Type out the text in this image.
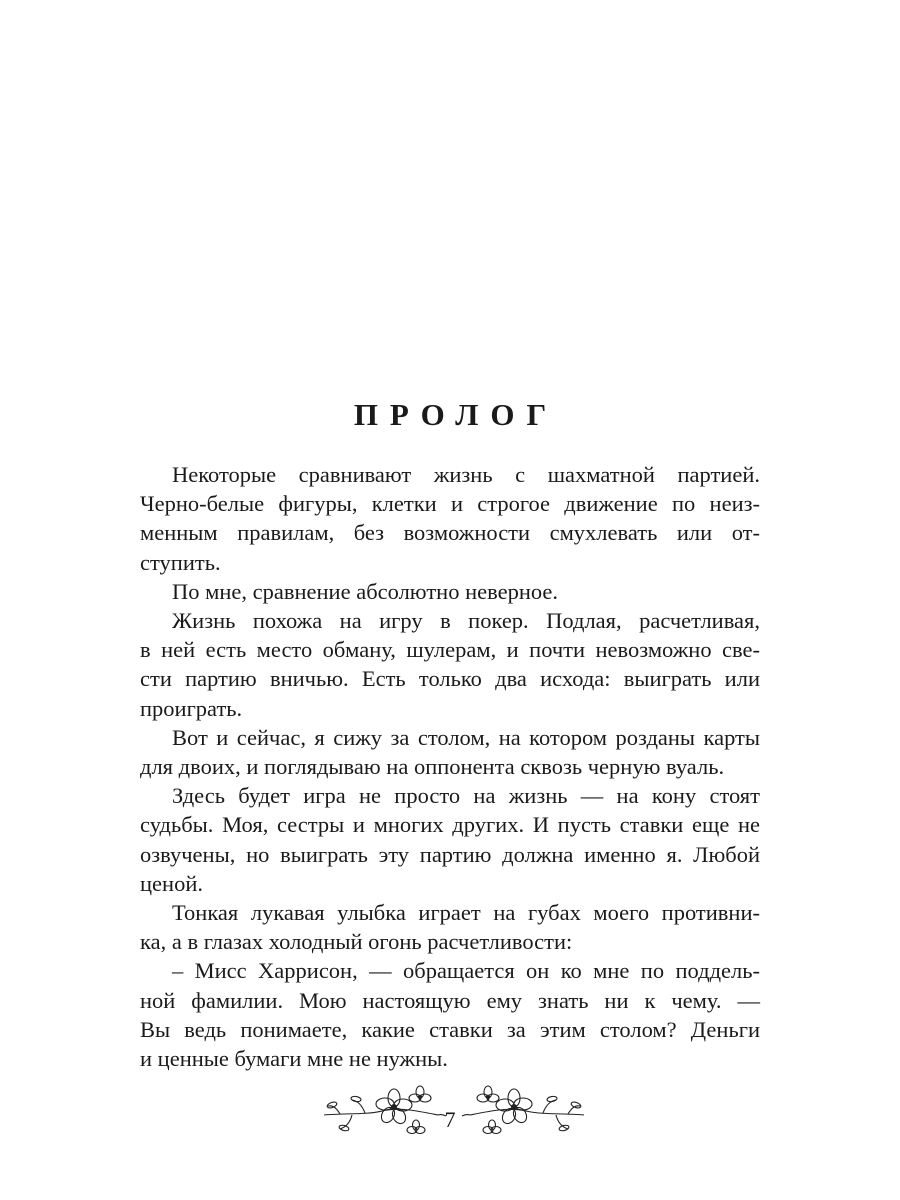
ПРОЛОГ

Некоторые сравнивают жизнь с шахматной партией.
Черно-белые фигуры, клетки и строгое движение по неиз-
менным правилам, без возможности смухлевать или от-
ступить.

По мне, сравнение абсолютно неверное.

Жизнь похожа на игру в покер. Подлая, расчетливая,
в ней есть место обману, шулерам, и почти невозможно све-
сти партию вничью. Есть только два исхода: выиграть или
проиграть.

Вот и сейчас, я сижу за столом, на котором розданы карты
для двоих, и поглядываю на оппонента сквозь черную вуаль.

Здесь будет игра не просто на жизнь — на кону стоят
судьбы. Моя, сестры и многих других. И пусть ставки еще не
озвучены, но выиграть эту партию должна именно я. Любой
ценой.

Тонкая лукавая улыбка играет на губах моего противни-
ка, а в глазах холодный огонь расчетливости:

– Мисс Харрисон, — обращается он ко мне по поддель-
ной фамилии. Мою настоящую ему знать ни к чему. —
Вы ведь понимаете, какие ставки за этим столом? Деньги
и ценные бумаги мне не нужны.

7
